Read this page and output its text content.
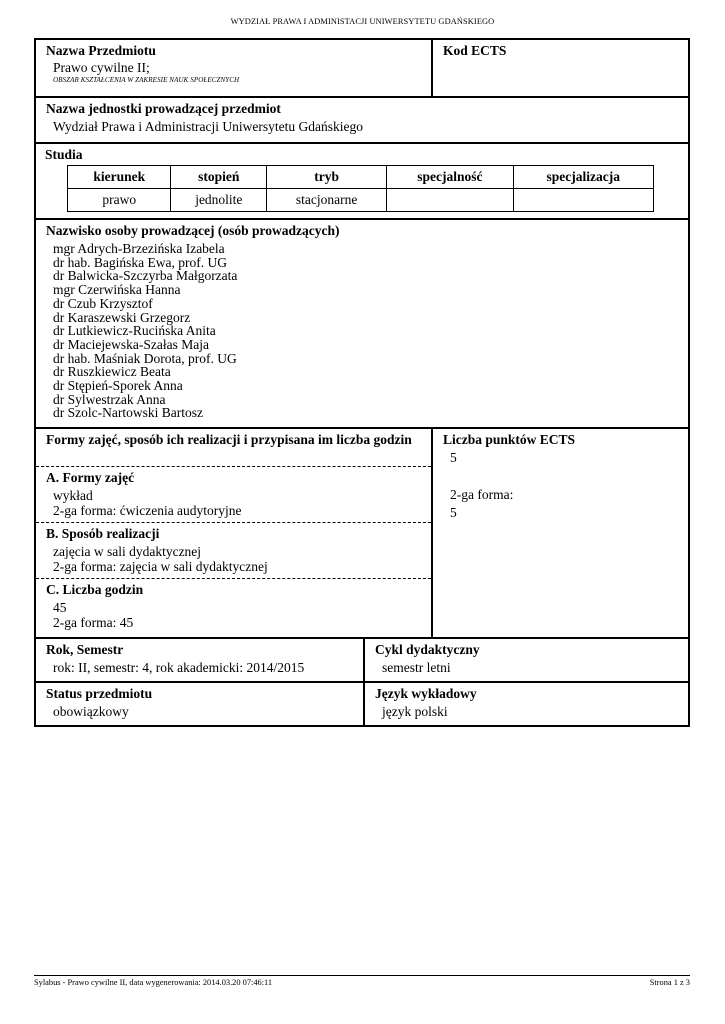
WYDZIAŁ PRAWA I ADMINISTACJI UNIWERSYTETU GDAŃSKIEGO
Nazwa Przedmiotu
Prawo cywilne II;
OBSZAR KSZTAŁCENIA W ZAKRESIE NAUK SPOŁECZNYCH
Kod ECTS
Nazwa jednostki prowadzącej przedmiot
Wydział Prawa i Administracji Uniwersytetu Gdańskiego
Studia
kierunek	stopień	tryb	specjalność	specjalizacja
prawo	jednolite	stacjonarne		
Nazwisko osoby prowadzącej (osób prowadzących)
mgr Adrych-Brzezińska Izabela
dr hab. Bagińska Ewa, prof. UG
dr Balwicka-Szczyrba Małgorzata
mgr Czerwińska Hanna
dr Czub Krzysztof
dr Karaszewski Grzegorz
dr Lutkiewicz-Rucińska Anita
dr Maciejewska-Szałas Maja
dr hab. Maśniak Dorota, prof. UG
dr Ruszkiewicz Beata
dr Stępień-Sporek Anna
dr Sylwestrzak Anna
dr Szolc-Nartowski Bartosz
Formy zajęć, sposób ich realizacji i przypisana im liczba godzin
A. Formy zajęć
wykład
2-ga forma: ćwiczenia audytoryjne
B. Sposób realizacji
zajęcia w sali dydaktycznej
2-ga forma: zajęcia w sali dydaktycznej
C. Liczba godzin
45
2-ga forma: 45
Liczba punktów ECTS
5
2-ga forma:
5
Rok, Semestr
rok: II, semestr: 4, rok akademicki: 2014/2015
Cykl dydaktyczny
semestr letni
Status przedmiotu
obowiązkowy
Język wykładowy
język polski
Sylabus - Prawo cywilne II, data wygenerowania: 2014.03.20 07:46:11	Strona 1 z 3
